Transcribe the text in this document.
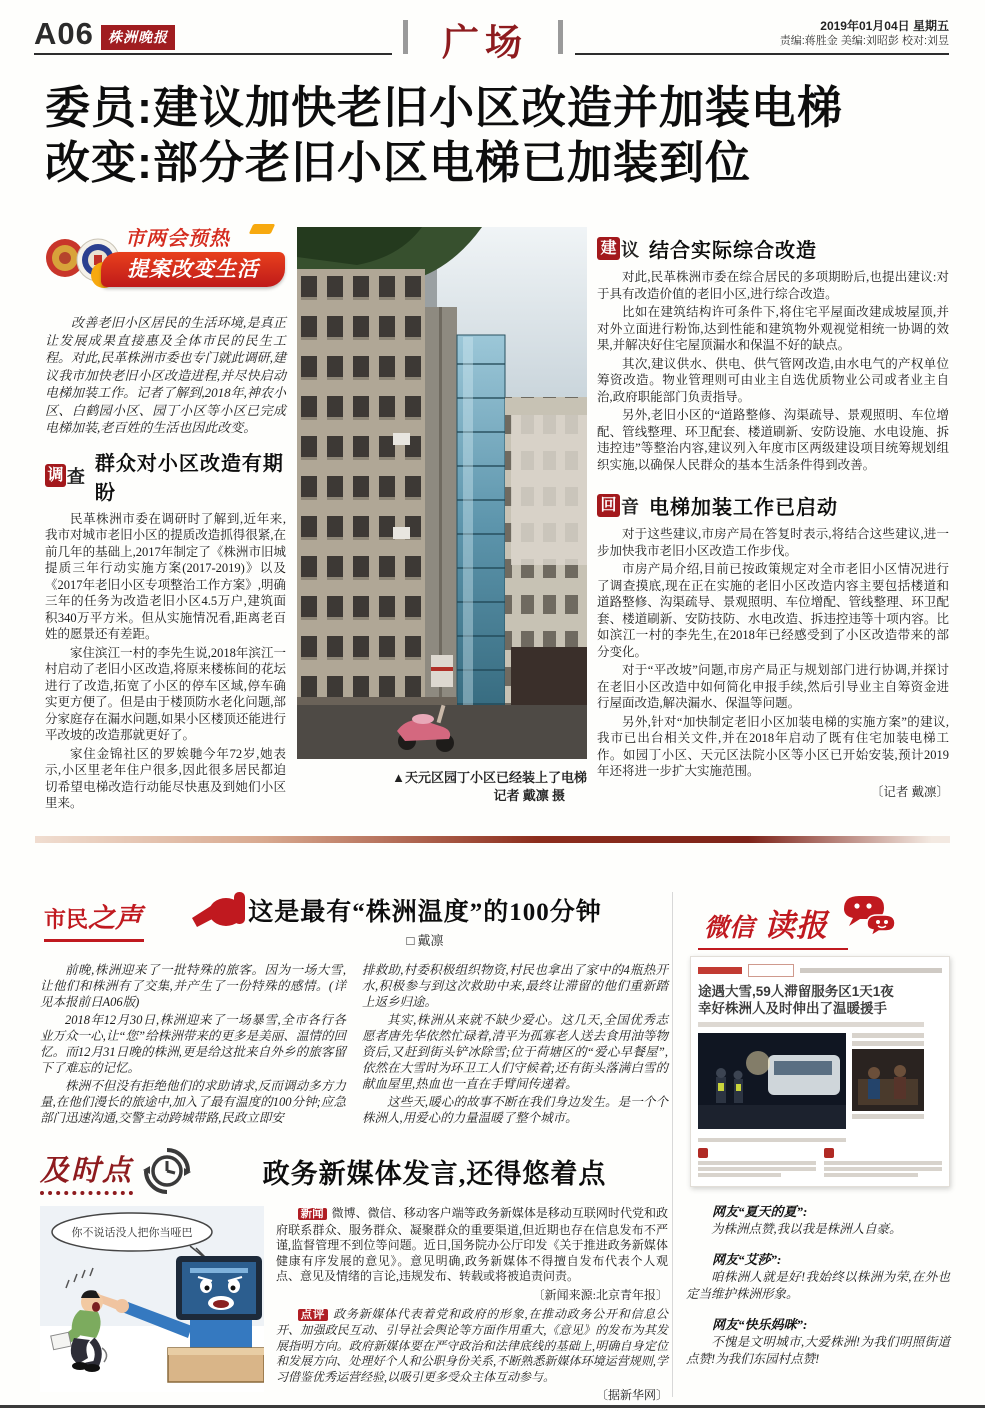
A06	株洲晚报	广场	2019年01月04日 星期五
责编:蒋胜金 美编:刘昭彭 校对:刘昱
委员:建议加快老旧小区改造并加装电梯
改变:部分老旧小区电梯已加装到位
市两会预热
提案改变生活

改善老旧小区居民的生活环境,是真正让发展成果直接惠及全体市民的民生工程。对此,民革株洲市委也专门就此调研,建议我市加快老旧小区改造进程,并尽快启动电梯加装工作。记者了解到,2018年,神农小区、白鹤园小区、园丁小区等小区已完成电梯加装,老百姓的生活也因此改变。

调 查
群众对小区改造有期盼

民革株洲市委在调研时了解到,近年来,我市对城市老旧小区的提质改造抓得很紧,在前几年的基础上,2017年制定了《株洲市旧城提质三年行动实施方案(2017-2019)》以及《2017年老旧小区专项整治工作方案》,明确三年的任务为改造老旧小区4.5万户,建筑面积340万平方米。但从实施情况看,距离老百姓的愿景还有差距。

家住滨江一村的李先生说,2018年滨江一村启动了老旧小区改造,将原来楼栋间的花坛进行了改造,拓宽了小区的停车区域,停车确实更方便了。但是由于楼顶防水老化问题,部分家庭存在漏水问题,如果小区楼顶还能进行平改坡的改造那就更好了。

家住金锦社区的罗娭毑今年72岁,她表示,小区里老年住户很多,因此很多居民都迫切希望电梯改造行动能尽快惠及到她们小区里来。

▲天元区园丁小区已经装上了电梯
记者 戴凛 摄
建 议 结合实际综合改造

对此,民革株洲市委在综合居民的多项期盼后,也提出建议:对于具有改造价值的老旧小区,进行综合改造。

比如在建筑结构许可条件下,将住宅平屋面改建成坡屋顶,并对外立面进行粉饰,达到性能和建筑物外观视觉相统一协调的效果,并解决好住宅屋顶漏水和保温不好的缺点。

其次,建议供水、供电、供气管网改造,由水电气的产权单位筹资改造。物业管理则可由业主自选优质物业公司或者业主自治,政府职能部门负责指导。

另外,老旧小区的“道路整修、沟渠疏导、景观照明、车位增配、管线整理、环卫配套、楼道刷新、安防设施、水电设施、拆违控违”等整治内容,建议列入年度市区两级建设项目统筹规划组织实施,以确保人民群众的基本生活条件得到改善。

回 音 电梯加装工作已启动

对于这些建议,市房产局在答复时表示,将结合这些建议,进一步加快我市老旧小区改造工作步伐。

市房产局介绍,目前已按政策规定对全市老旧小区情况进行了调查摸底,现在正在实施的老旧小区改造内容主要包括楼道和道路整修、沟渠疏导、景观照明、车位增配、管线整理、环卫配套、楼道刷新、安防技防、水电改造、拆违控违等十项内容。比如滨江一村的李先生,在2018年已经感受到了小区改造带来的部分变化。

对于“平改坡”问题,市房产局正与规划部门进行协调,并探讨在老旧小区改造中如何简化申报手续,然后引导业主自筹资金进行屋面改造,解决漏水、保温等问题。

另外,针对“加快制定老旧小区加装电梯的实施方案”的建议,我市已出台相关文件,并在2018年启动了既有住宅加装电梯工作。如园丁小区、天元区法院小区等小区已开始安装,预计2019年还将进一步扩大实施范围。

〔记者 戴凛〕

市民之声	这是最有“株洲温度”的100分钟
□ 戴凛

前晚,株洲迎来了一批特殊的旅客。因为一场大雪,让他们和株洲有了交集,并产生了一份特殊的感情。(详见本报前日A06版)

2018年12月30日,株洲迎来了一场暴雪,全市各行各业万众一心,让“您”给株洲带来的更多是美丽、温情的回忆。而12月31日晚的株洲,更是给这批来自外乡的旅客留下了难忘的记忆。

株洲不但没有拒绝他们的求助请求,反而调动多方力量,在他们漫长的旅途中,加入了最有温度的100分钟;应急部门迅速沟通,交警主动跨城带路,民政立即安

排救助,村委积极组织物资,村民也拿出了家中的4瓶热开水,积极参与到这次救助中来,最终让滞留的他们重新踏上返乡归途。

其实,株洲从来就不缺少爱心。这几天,全国优秀志愿者唐先华依然忙碌着,清平为孤寡老人送去食用油等物资后,又赶到街头铲冰除雪;位于荷塘区的“爱心早餐屋”,依然在大雪时为环卫工人们守候着;还有街头落满白雪的献血屋里,热血也一直在手臂间传递着。

这些天,暖心的故事不断在我们身边发生。是一个个株洲人,用爱心的力量温暖了整个城市。

及时点	政务新媒体发言,还得悠着点
你不说话没人把你当哑巴

新闻 微博、微信、移动客户端等政务新媒体是移动互联网时代党和政府联系群众、服务群众、凝聚群众的重要渠道,但近期也存在信息发布不严谨,监督管理不到位等问题。近日,国务院办公厅印发《关于推进政务新媒体健康有序发展的意见》。意见明确,政务新媒体不得擅自发布代表个人观点、意见及情绪的言论,违规发布、转载或将被追责问责。

〔新闻来源:北京青年报〕

点评 政务新媒体代表着党和政府的形象,在推动政务公开和信息公开、加强政民互动、引导社会舆论等方面作用重大,《意见》的发布为其发展指明方向。政府新媒体要在严守政治和法律底线的基础上,明确自身定位和发展方向、处理好个人和公职身份关系,不断熟悉新媒体环境运营规则,学习借鉴优秀运营经验,以吸引更多受众主体互动参与。

〔据新华网〕

微信 读报
途遇大雪,59人滞留服务区1天1夜
幸好株洲人及时伸出了温暖援手

网友“夏天的夏”:

为株洲点赞,我以我是株洲人自豪。

网友“艾莎”:

咱株洲人就是好!我始终以株洲为荣,在外也定当维护株洲形象。

网友“快乐妈咪”:

不愧是文明城市,大爱株洲!为我们明照街道点赞!为我们东园村点赞!
